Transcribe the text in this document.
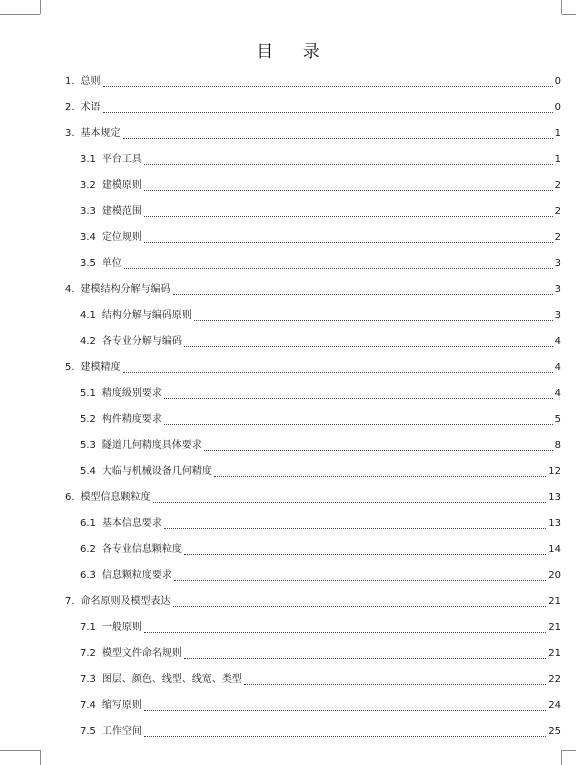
目 录
1. 总则	0
2. 术语	0
3. 基本规定	1
3.1 平台工具	1
3.2 建模原则	2
3.3 建模范围	2
3.4 定位规则	2
3.5 单位	3
4. 建模结构分解与编码	3
4.1 结构分解与编码原则	3
4.2 各专业分解与编码	4
5. 建模精度	4
5.1 精度级别要求	4
5.2 构件精度要求	5
5.3 隧道几何精度具体要求	8
5.4 大临与机械设备几何精度	12
6. 模型信息颗粒度	13
6.1 基本信息要求	13
6.2 各专业信息颗粒度	14
6.3 信息颗粒度要求	20
7. 命名原则及模型表达	21
7.1 一般原则	21
7.2 模型文件命名规则	21
7.3 图层、颜色、线型、线宽、类型	22
7.4 缩写原则	24
7.5 工作空间	25
